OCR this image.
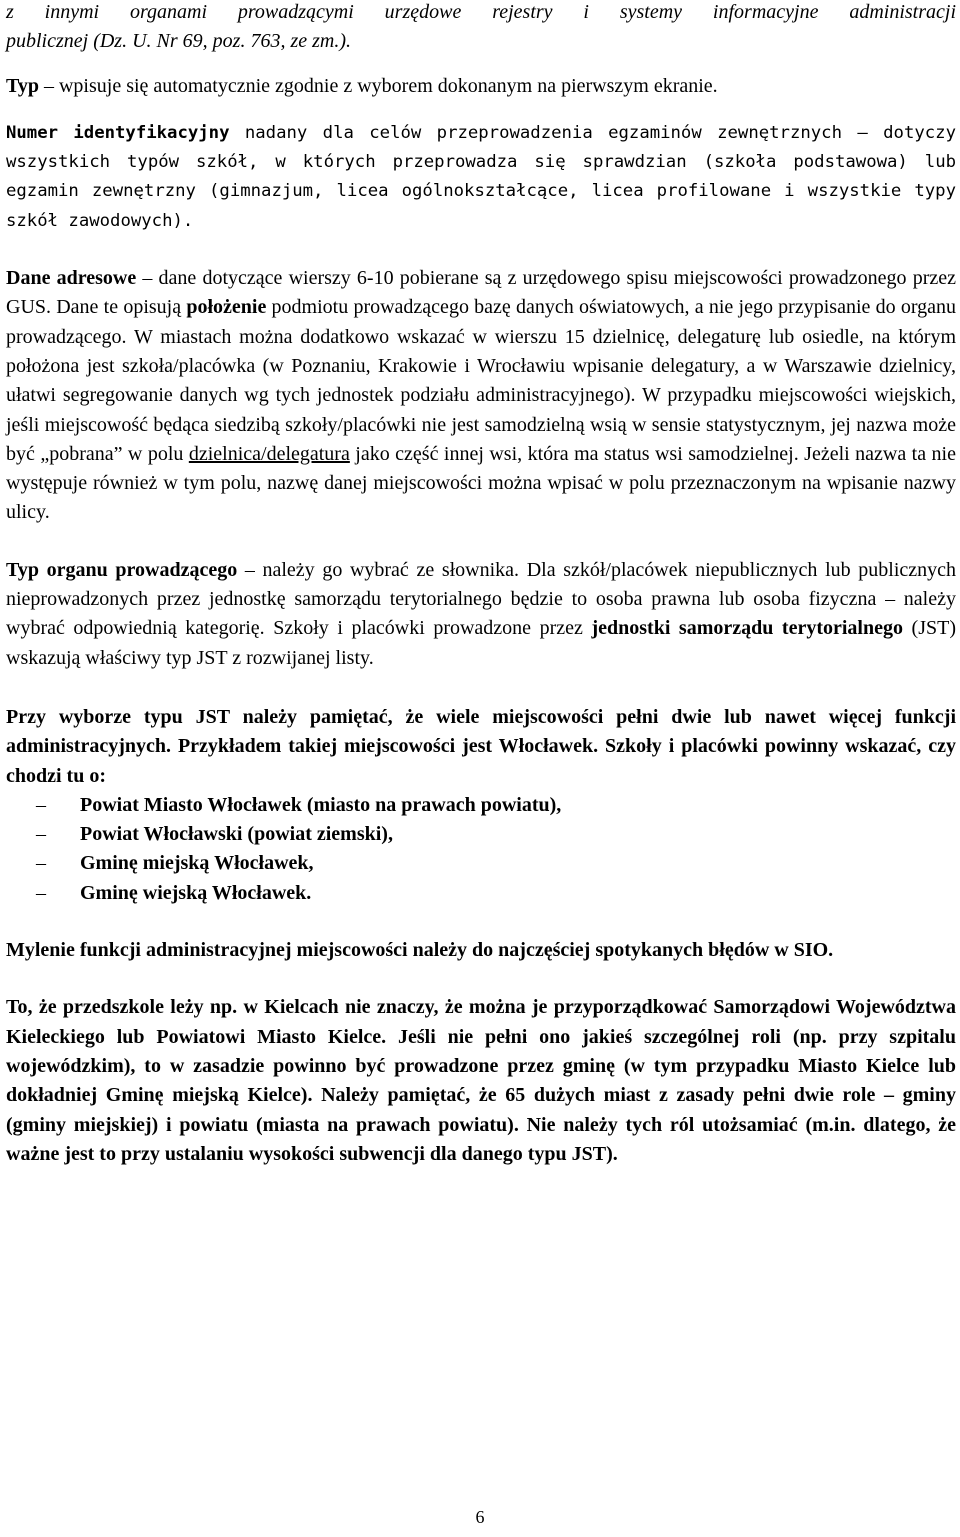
z innymi organami prowadzącymi urzędowe rejestry i systemy informacyjne administracji

publicznej (Dz. U. Nr 69, poz. 763, ze zm.).

Typ – wpisuje się automatycznie zgodnie z wyborem dokonanym na pierwszym ekranie.

Numer identyfikacyjny nadany dla celów przeprowadzenia egzaminów zewnętrznych – dotyczy wszystkich typów szkół, w których przeprowadza się sprawdzian (szkoła podstawowa) lub egzamin zewnętrzny (gimnazjum, licea ogólnokształcące, licea profilowane i wszystkie typy szkół zawodowych).

Dane adresowe – dane dotyczące wierszy 6-10 pobierane są z urzędowego spisu miejscowości prowadzonego przez GUS. Dane te opisują położenie podmiotu prowadzącego bazę danych oświatowych, a nie jego przypisanie do organu prowadzącego. W miastach można dodatkowo wskazać w wierszu 15 dzielnicę, delegaturę lub osiedle, na którym położona jest szkoła/placówka (w Poznaniu, Krakowie i Wrocławiu wpisanie delegatury, a w Warszawie dzielnicy, ułatwi segregowanie danych wg tych jednostek podziału administracyjnego). W przypadku miejscowości wiejskich, jeśli miejscowość będąca siedzibą szkoły/placówki nie jest samodzielną wsią w sensie statystycznym, jej nazwa może być „pobrana” w polu dzielnica/delegatura jako część innej wsi, która ma status wsi samodzielnej. Jeżeli nazwa ta nie występuje również w tym polu, nazwę danej miejscowości można wpisać w polu przeznaczonym na wpisanie nazwy ulicy.

Typ organu prowadzącego – należy go wybrać ze słownika. Dla szkół/placówek niepublicznych lub publicznych nieprowadzonych przez jednostkę samorządu terytorialnego będzie to osoba prawna lub osoba fizyczna – należy wybrać odpowiednią kategorię. Szkoły i placówki prowadzone przez jednostki samorządu terytorialnego (JST) wskazują właściwy typ JST z rozwijanej listy.

Przy wyborze typu JST należy pamiętać, że wiele miejscowości pełni dwie lub nawet więcej funkcji administracyjnych. Przykładem takiej miejscowości jest Włocławek. Szkoły i placówki powinny wskazać, czy chodzi tu o:

– Powiat Miasto Włocławek (miasto na prawach powiatu),
– Powiat Włocławski (powiat ziemski),
– Gminę miejską Włocławek,
– Gminę wiejską Włocławek.

Mylenie funkcji administracyjnej miejscowości należy do najczęściej spotykanych błędów w SIO.

To, że przedszkole leży np. w Kielcach nie znaczy, że można je przyporządkować Samorządowi Województwa Kieleckiego lub Powiatowi Miasto Kielce. Jeśli nie pełni ono jakieś szczególnej roli (np. przy szpitalu wojewódzkim), to w zasadzie powinno być prowadzone przez gminę (w tym przypadku Miasto Kielce lub dokładniej Gminę miejską Kielce). Należy pamiętać, że 65 dużych miast z zasady pełni dwie role – gminy (gminy miejskiej) i powiatu (miasta na prawach powiatu). Nie należy tych ról utożsamiać (m.in. dlatego, że ważne jest to przy ustalaniu wysokości subwencji dla danego typu JST).

6
